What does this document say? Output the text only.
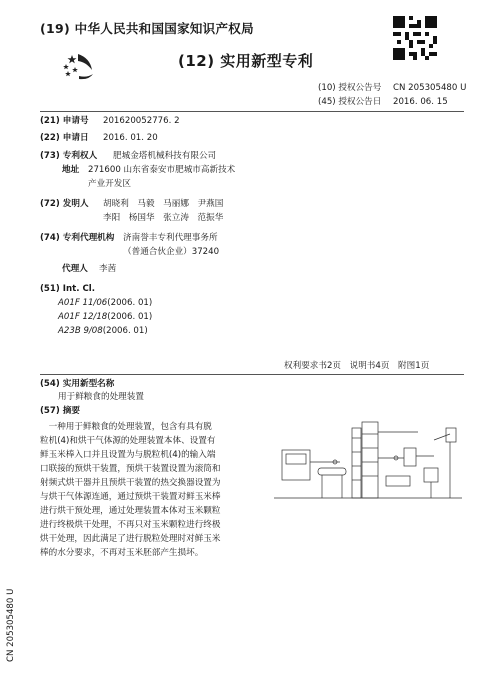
(19) 中华人民共和国国家知识产权局
(12) 实用新型专利
(10) 授权公告号 CN 205305480 U
(45) 授权公告日 2016. 06. 15
(21) 申请号 201620052776. 2
(22) 申请日 2016. 01. 20
(73) 专利权人 肥城金塔机械科技有限公司
地址 271600 山东省泰安市肥城市高新技术
产业开发区
(72) 发明人 胡晓利　马毅　马丽娜　尹燕国
李阳　杨国华　张立涛　范振华
(74) 专利代理机构 济南誉丰专利代理事务所
（普通合伙企业）37240
代理人 李茜
(51) Int. Cl.
A01F 11/06(2006. 01)
A01F 12/18(2006. 01)
A23B 9/08(2006. 01)
权利要求书2页　说明书4页　附图1页
(54) 实用新型名称
用于鲜粮食的处理装置
(57) 摘要
　一种用于鲜粮食的处理装置，包含有具有脱
粒机(4)和烘干气体源的处理装置本体、设置有
鲜玉米棒入口并且设置为与脱粒机(4)的输入端
口联接的预烘干装置，预烘干装置设置为滚筒和
射频式烘干器并且预烘干装置的热交换器设置为
与烘干气体源连通，通过预烘干装置对鲜玉米棒
进行烘干预处理，通过处理装置本体对玉米颗粒
进行终极烘干处理，不再只对玉米颗粒进行终极
烘干处理，因此满足了进行脱粒处理时对鲜玉米
棒的水分要求，不再对玉米胚部产生损坏。
CN 205305480 U
